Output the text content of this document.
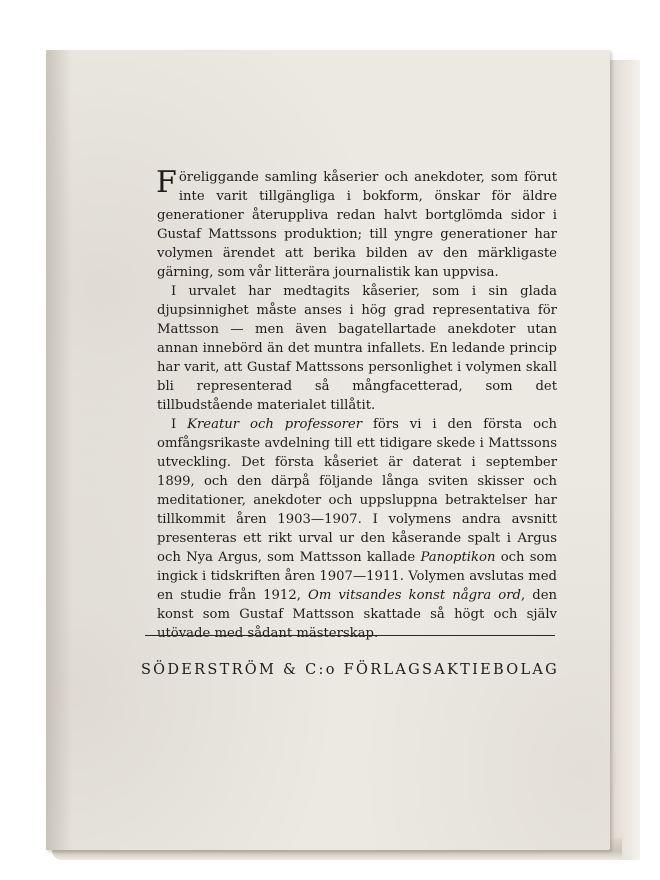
Föreliggande samling kåserier och anekdoter, som förut inte varit tillgängliga i bokform, önskar för äldre generationer återuppliva redan halvt bortglömda sidor i Gustaf Mattssons produktion; till yngre generationer har volymen ärendet att berika bilden av den märkligaste gärning, som vår litterära journalistik kan uppvisa.

I urvalet har medtagits kåserier, som i sin glada djupsinnighet måste anses i hög grad representativa för Mattsson — men även bagatellartade anekdoter utan annan innebörd än det muntra infallets. En ledande princip har varit, att Gustaf Mattssons personlighet i volymen skall bli representerad så mångfacetterad, som det tillbudstående materialet tillåtit.

I Kreatur och professorer förs vi i den första och omfångsrikaste avdelning till ett tidigare skede i Mattssons utveckling. Det första kåseriet är daterat i september 1899, och den därpå följande långa sviten skisser och meditationer, anekdoter och uppsluppna betraktelser har tillkommit åren 1903—1907. I volymens andra avsnitt presenteras ett rikt urval ur den kåserande spalt i Argus och Nya Argus, som Mattsson kallade Panoptikon och som ingick i tidskriften åren 1907—1911. Volymen avslutas med en studie från 1912, Om vitsandes konst några ord, den konst som Gustaf Mattsson skattade så högt och själv utövade med sådant mästerskap.

SÖDERSTRÖM & C:o FÖRLAGSAKTIEBOLAG
